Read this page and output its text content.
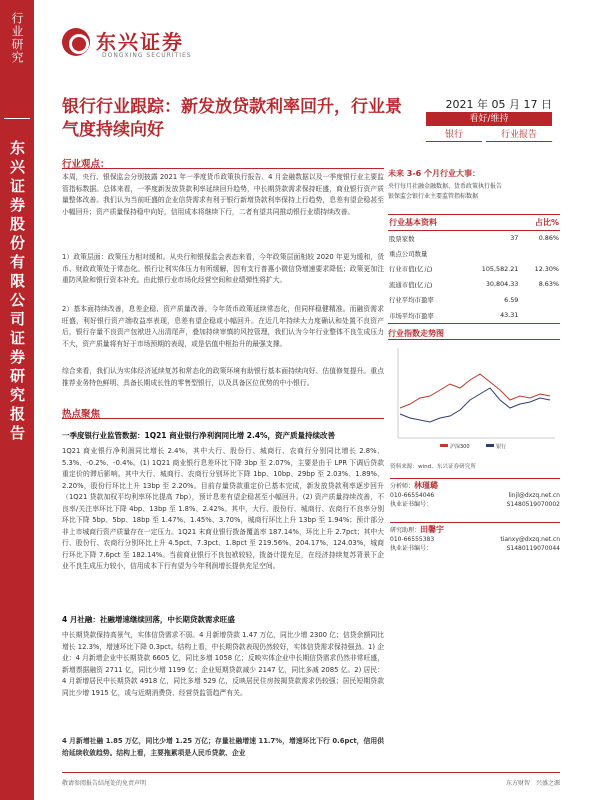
行业研究
东兴证券股份有限公司证券研究报告
东兴证券
DONGXING SECURITIES
银行行业跟踪：新发放贷款利率回升，行业景气度持续向好
2021 年 05 月 17 日
看好/维持
银行	行业报告
行业观点：
本周，央行、银保监会分别披露 2021 年一季度货币政策执行报告、4 月金融数据以及一季度银行业主要监管指标数据。总体来看，一季度新发放贷款利率延续回升趋势，中长期贷款需求保持旺盛，商业银行资产质量整体改善。我们认为当前旺盛的企业信贷需求有利于银行新增贷款利率保持上行趋势，息差有望企稳甚至小幅回升；资产质量保持稳中向好，信用成本将继续下行，二者有望共同推动银行业绩持续改善。
1）政策层面：政策压力相对缓和。从央行和银保监会表态来看，今年政策层面相较 2020 年更为缓和，货币、财政政策处于常态化。银行让利实体压力有所缓解，因有支行普惠小微信贷增速要求降低；政策更加注重防风险和银行资本补充。由此银行业市场化经营空间和业绩弹性将扩大。
2）基本面持续改善，息差企稳、资产质量改善。今年货币政策延续常态化，但同样稳健精准。而融资需求旺盛，利好银行资产端收益率表现，息差有望企稳或小幅回升。在近几年持续大力度确认和处置不良资产后，银行存量不良资产包袱进入出清尾声，叠加持续审慎的风控管理，我们认为今年行业整体不良生成压力不大，资产质量将有好于市场预期的表现，或是估值中枢抬升的最强支撑。
综合来看，我们认为实体经济延续复苏和常态化的政策环境有助银行基本面持续向好、估值修复提升。重点推荐业务特色鲜明、具备长期成长性的零售型银行，以及具备区位优势的中小银行。
热点聚焦
一季度银行业监管数据：1Q21 商业银行净利润同比增 2.4%，资产质量持续改善
1Q21 商业银行净利润同比增长 2.4%，其中大行、股份行、城商行、农商行分别同比增长 2.8%、5.3%、-0.2%、-0.4%。(1) 1Q21 商业银行息差环比下降 3bp 至 2.07%，主要是由于 LPR 下调后贷款重定价的滞后影响。其中大行、城商行、农商行分别环比下降 1bp、10bp、29bp 至 2.03%、1.89%、2.20%，股份行环比上升 13bp 至 2.20%。目前存量贷款重定价已基本完成，新发放贷款利率逐步回升（1Q21 贷款加权平均利率环比提高 7bp），预计息差有望企稳甚至小幅回升。(2) 资产质量持续改善，不良率/关注率环比下降 4bp、13bp 至 1.8%、2.42%。其中，大行、股份行、城商行、农商行不良率分别环比下降 5bp、5bp、18bp 至 1.47%、1.45%、3.70%，城商行环比上升 13bp 至 1.94%；预计部分非上市城商行资产质量存在一定压力。1Q21 末商业银行拨备覆盖率 187.14%，环比上升 2.7pct；其中大行、股份行、农商行分别环比上升 4.5pct、7.3pct、1.8pct 至 219.56%、204.17%、124.03%，城商行环比下降 7.6pct 至 182.14%。当前商业银行不良包袱较轻，拨备计提充足，在经济持续复苏背景下企业不良生成压力较小，信用成本下行有望为今年利润增长提供充足空间。
4 月社融：社融增速继续回落，中长期贷款需求旺盛
中长期贷款保持高景气，实体信贷需求不弱。4 月新增贷款 1.47 万亿，同比少增 2300 亿；信贷余额同比增长 12.3%，增速环比下降 0.3pct。结构上看，中长期贷款表现仍然较好，实体信贷需求保持强劲。1) 企业：4 月新增企业中长期贷款 6605 亿，同比多增 1058 亿；反映实体企业中长期信贷需求仍然非常旺盛，新增票据融资 2711 亿，同比少增 1199 亿；企业短期贷款减少 2147 亿，同比多减 2085 亿。2) 居民：4 月新增居民中长期贷款 4918 亿，同比多增 529 亿，反映居民住房按揭贷款需求仍较强；居民短期贷款同比少增 1915 亿，或与近期消费贷、经营贷监管趋严有关。
4 月新增社融 1.85 万亿，同比少增 1.25 万亿；存量社融增速 11.7%，增速环比下行 0.6pct，信用供给延续收敛趋势。结构上看，主要拖累项是人民币贷款、企业
未来 3-6 个月行业大事：
央行每月社融金融数据、货币政策执行报告
银保监会银行业主要监管指标数据
行业基本资料		占比%
股票家数	37	0.86%
重点公司数量		
行业市值(亿元)	105,582.21	12.30%
流通市值(亿元)	30,804.33	8.63%
行业平均市盈率	6.59	
市场平均市盈率	43.31	
行业指数走势图
沪深300	银行
资料来源：wind、东兴证券研究所
分析师：林瑾璐
010-66554046	linjl@dxzq.net.cn
执业证书编号：	S1480519070002
研究助理：田馨宇
010-66555383	tianxy@dxzq.net.cn
执业证书编号：	S1480119070044
敬请参阅报告结尾处的免责声明	东方财智　兴盛之源
